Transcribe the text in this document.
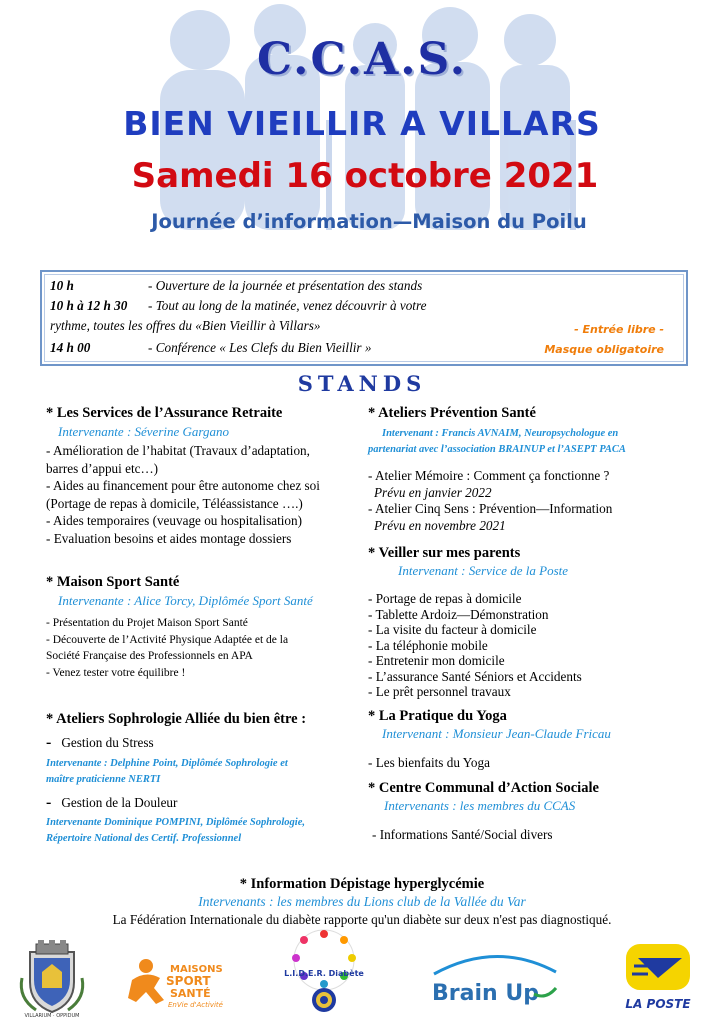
C.C.A.S.
BIEN VIEILLIR A VILLARS
Samedi 16 octobre 2021
Journée d’information—Maison du Poilu
10 h	- Ouverture de la journée et présentation des stands
10 h à 12 h 30 - Tout au long de la matinée, venez découvrir à votre
rythme, toutes les offres du «Bien Vieillir à Villars»
14 h 00	- Conférence « Les Clefs du Bien Vieillir »
- Entrée libre -
Masque obligatoire
STANDS
* Les Services de l’Assurance Retraite
Intervenante : Séverine Gargano
- Amélioration de l’habitat (Travaux d’adaptation,
barres d’appui etc…)
- Aides au financement pour être autonome chez soi
(Portage de repas à domicile, Téléassistance ….)
- Aides temporaires (veuvage ou hospitalisation)
- Evaluation besoins et aides montage dossiers
* Maison Sport Santé
Intervenante : Alice Torcy, Diplômée Sport Santé
- Présentation du Projet Maison Sport Santé
- Découverte de l’Activité Physique Adaptée et de la
Société Française des Professionnels en APA
- Venez tester votre équilibre !
* Ateliers Sophrologie Alliée du bien être :
- Gestion du Stress
Intervenante : Delphine Point, Diplômée Sophrologie et
maître praticienne NERTI
- Gestion de la Douleur
Intervenante Dominique POMPINI, Diplômée Sophrologie,
Répertoire National des Certif. Professionnel
* Ateliers Prévention Santé
Intervenant : Francis AVNAIM, Neuropsychologue en
partenariat avec l’association BRAINUP et l’ASEPT PACA
- Atelier Mémoire : Comment ça fonctionne ?
Prévu en janvier 2022
- Atelier Cinq Sens : Prévention—Information
Prévu en novembre 2021
* Veiller sur mes parents
Intervenant : Service de la Poste
- Portage de repas à domicile
- Tablette Ardoiz—Démonstration
- La visite du facteur à domicile
- La téléphonie mobile
- Entretenir mon domicile
- L’assurance Santé Séniors et Accidents
- Le prêt personnel travaux
* La Pratique du Yoga
Intervenant : Monsieur Jean-Claude Fricau
- Les bienfaits du Yoga
* Centre Communal d’Action Sociale
Intervenants : les membres du CCAS
- Informations Santé/Social divers
* Information Dépistage hyperglycémie
Intervenants : les membres du Lions club de la Vallée du Var
La Fédération Internationale du diabète rapporte qu'un diabète sur deux n'est pas diagnostiqué.
VILLARIUM · OPPIDUM
MAISONS
SPORT
SANTÉ
EnVie d'Activité
L.I.D.E.R. Diabète
Brain Up	LA POSTE
